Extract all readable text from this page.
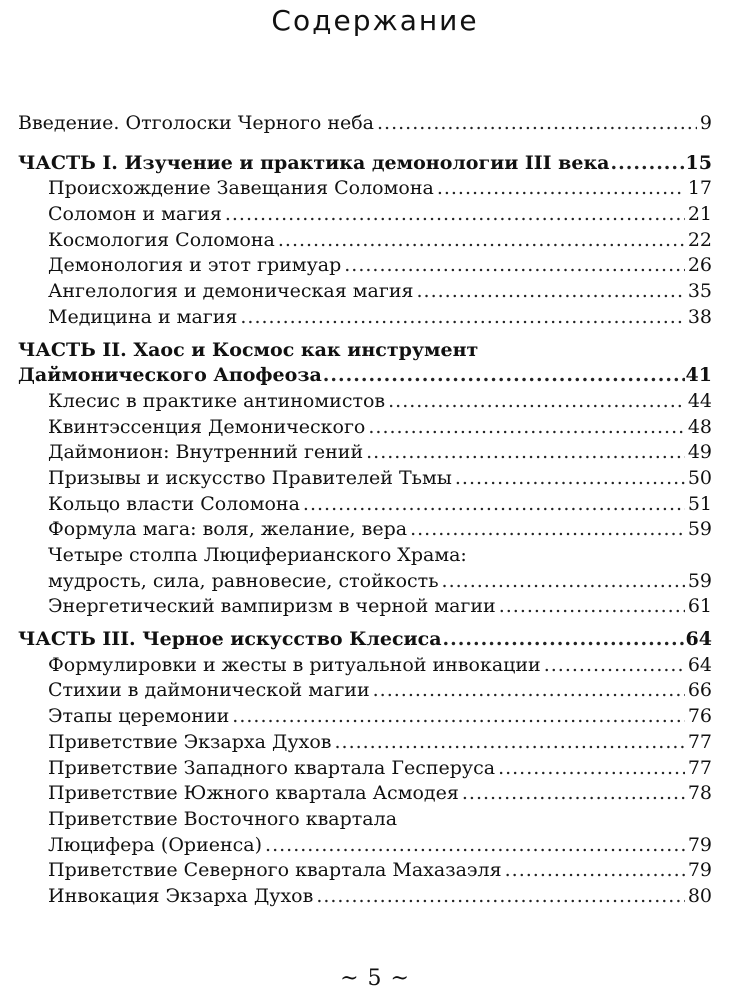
Содержание
Введение. Отголоски Черного неба .....	9
ЧАСТЬ I. Изучение и практика демонологии III века .....	15
Происхождение Завещания Соломона .....	17
Соломон и магия .....	21
Космология Соломона .....	22
Демонология и этот гримуар .....	26
Ангелология и демоническая магия .....	35
Медицина и магия .....	38
ЧАСТЬ II. Хаос и Космос как инструмент
Даймонического Апофеоза .....	41
Клесис в практике антиномистов .....	44
Квинтэссенция Демонического .....	48
Даймонион: Внутренний гений .....	49
Призывы и искусство Правителей Тьмы .....	50
Кольцо власти Соломона .....	51
Формула мага: воля, желание, вера .....	59
Четыре столпа Люциферианского Храма:
мудрость, сила, равновесие, стойкость .....	59
Энергетический вампиризм в черной магии .....	61
ЧАСТЬ III. Черное искусство Клесиса .....	64
Формулировки и жесты в ритуальной инвокации .....	64
Стихии в даймонической магии .....	66
Этапы церемонии .....	76
Приветствие Экзарха Духов .....	77
Приветствие Западного квартала Гесперуса .....	77
Приветствие Южного квартала Асмодея .....	78
Приветствие Восточного квартала
Люцифера (Ориенса) .....	79
Приветствие Северного квартала Махазаэля .....	79
Инвокация Экзарха Духов .....	80
~ 5 ~
